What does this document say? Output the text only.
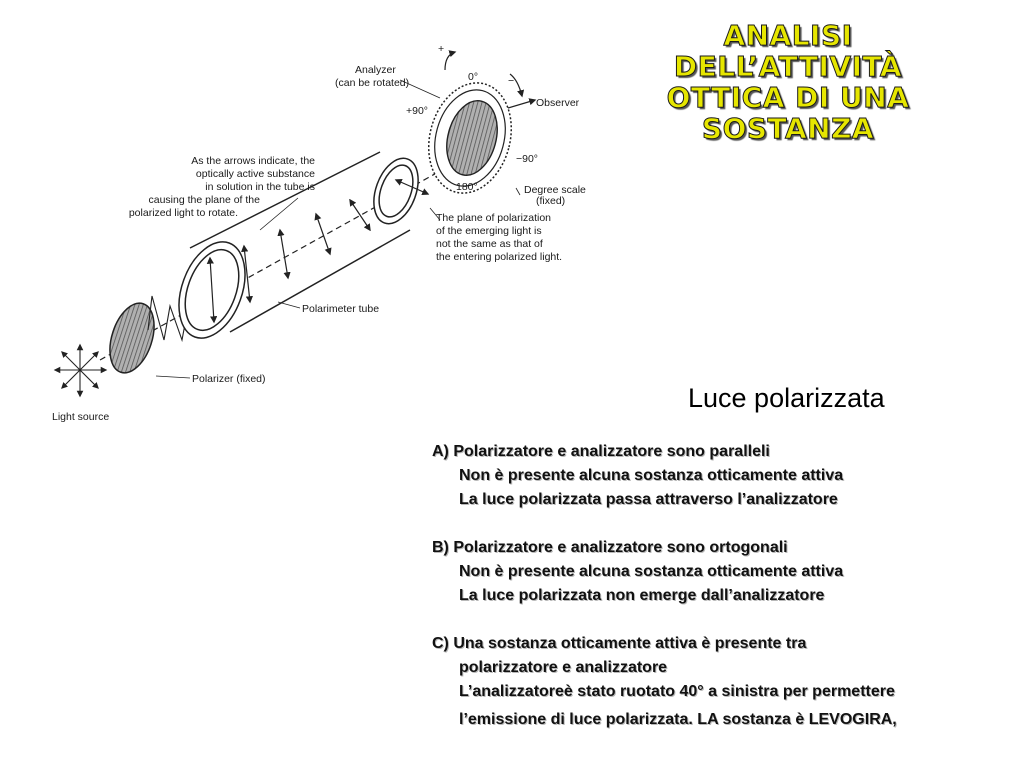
Analyzer
(can be rotated)
+
−
0°
+90°
−90°
180°
Observer
Degree scale
(fixed)
As the arrows indicate, the
optically active substance
in solution in the tube is
causing the plane of the
polarized light to rotate.	The plane of polarization
of the emerging light is
not the same as that of
the entering polarized light.
Polarimeter tube
Polarizer (fixed)
Light source
ANALISI
DELL’ATTIVITÀ
OTTICA DI UNA
SOSTANZA
Luce polarizzata
A) Polarizzatore e analizzatore sono paralleli
Non è presente alcuna sostanza otticamente attiva
La luce polarizzata passa attraverso l’analizzatore
B) Polarizzatore e analizzatore sono ortogonali
Non è presente alcuna sostanza otticamente attiva
La luce polarizzata non emerge dall’analizzatore
C) Una sostanza otticamente attiva è presente tra
polarizzatore e analizzatore
L’analizzatoreè stato ruotato 40° a sinistra per permettere
l’emissione di luce polarizzata. LA sostanza è LEVOGIRA,
